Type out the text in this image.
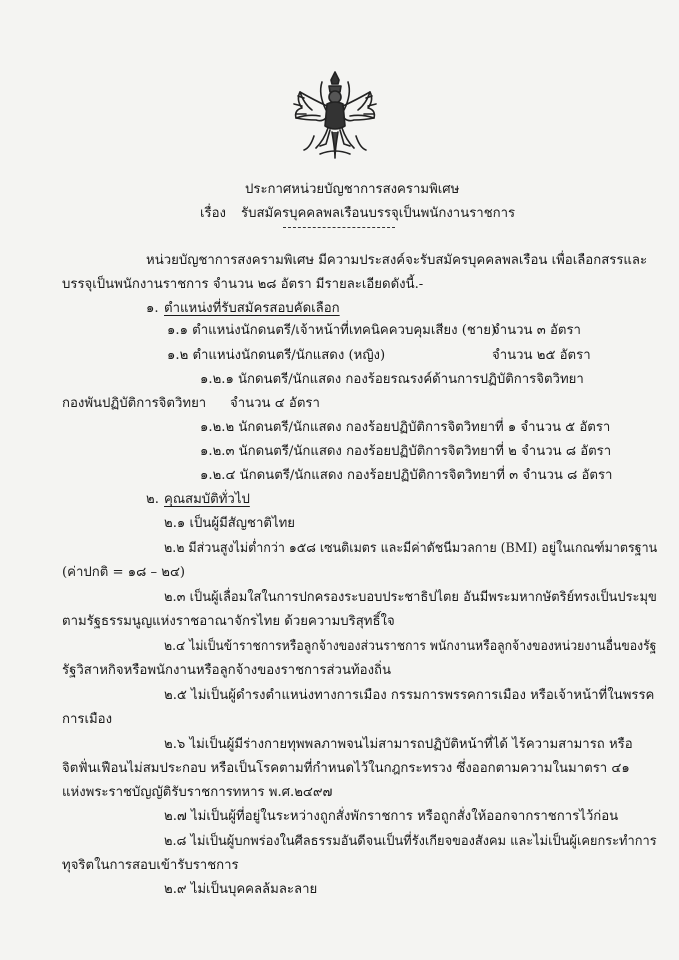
ประกาศหน่วยบัญชาการสงครามพิเศษ
เรื่อง รับสมัครบุคคลพลเรือนบรรจุเป็นพนักงานราชการ
หน่วยบัญชาการสงครามพิเศษ มีความประสงค์จะรับสมัครบุคคลพลเรือน เพื่อเลือกสรรและ
บรรจุเป็นพนักงานราชการ จำนวน ๒๘ อัตรา มีรายละเอียดดังนี้.-
๑. ตำแหน่งที่รับสมัครสอบคัดเลือก
๑.๑ ตำแหน่งนักดนตรี/เจ้าหน้าที่เทคนิคควบคุมเสียง (ชาย)
จำนวน ๓ อัตรา
๑.๒ ตำแหน่งนักดนตรี/นักแสดง (หญิง)	จำนวน ๒๕ อัตรา
๑.๒.๑ นักดนตรี/นักแสดง กองร้อยรณรงค์ด้านการปฏิบัติการจิตวิทยา
กองพันปฏิบัติการจิตวิทยา จำนวน ๔ อัตรา
๑.๒.๒ นักดนตรี/นักแสดง กองร้อยปฏิบัติการจิตวิทยาที่ ๑ จำนวน ๕ อัตรา
๑.๒.๓ นักดนตรี/นักแสดง กองร้อยปฏิบัติการจิตวิทยาที่ ๒ จำนวน ๘ อัตรา
๑.๒.๔ นักดนตรี/นักแสดง กองร้อยปฏิบัติการจิตวิทยาที่ ๓ จำนวน ๘ อัตรา
๒. คุณสมบัติทั่วไป
๒.๑ เป็นผู้มีสัญชาติไทย
๒.๒ มีส่วนสูงไม่ต่ำกว่า ๑๕๘ เซนติเมตร และมีค่าดัชนีมวลกาย (BMI) อยู่ในเกณฑ์มาตรฐาน
(ค่าปกติ = ๑๘ – ๒๔)
๒.๓ เป็นผู้เลื่อมใสในการปกครองระบอบประชาธิปไตย อันมีพระมหากษัตริย์ทรงเป็นประมุข
ตามรัฐธรรมนูญแห่งราชอาณาจักรไทย ด้วยความบริสุทธิ์ใจ
๒.๔ ไม่เป็นข้าราชการหรือลูกจ้างของส่วนราชการ พนักงานหรือลูกจ้างของหน่วยงานอื่นของรัฐ
รัฐวิสาหกิจหรือพนักงานหรือลูกจ้างของราชการส่วนท้องถิ่น
๒.๕ ไม่เป็นผู้ดำรงตำแหน่งทางการเมือง กรรมการพรรคการเมือง หรือเจ้าหน้าที่ในพรรค
การเมือง
๒.๖ ไม่เป็นผู้มีร่างกายทุพพลภาพจนไม่สามารถปฏิบัติหน้าที่ได้ ไร้ความสามารถ หรือ
จิตฟั่นเฟือนไม่สมประกอบ หรือเป็นโรคตามที่กำหนดไว้ในกฎกระทรวง ซึ่งออกตามความในมาตรา ๔๑
แห่งพระราชบัญญัติรับราชการทหาร พ.ศ.๒๔๙๗
๒.๗ ไม่เป็นผู้ที่อยู่ในระหว่างถูกสั่งพักราชการ หรือถูกสั่งให้ออกจากราชการไว้ก่อน
๒.๘ ไม่เป็นผู้บกพร่องในศีลธรรมอันดีจนเป็นที่รังเกียจของสังคม และไม่เป็นผู้เคยกระทำการ
ทุจริตในการสอบเข้ารับราชการ
๒.๙ ไม่เป็นบุคคลล้มละลาย
